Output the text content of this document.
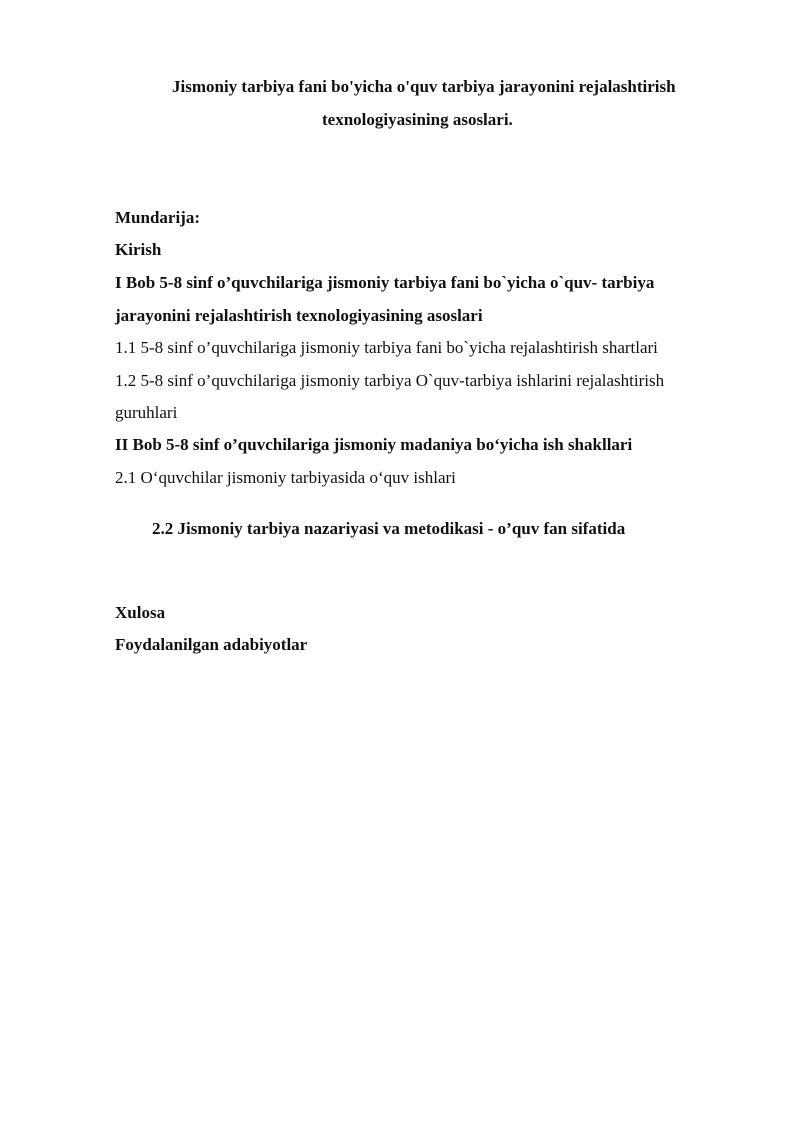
Jismoniy tarbiya fani bo'yicha o'quv tarbiya jarayonini rejalashtirish
texnologiyasining asoslari.
Mundarija:
Kirish
I Bob 5-8 sinf o’quvchilariga jismoniy tarbiya fani bo`yicha o`quv- tarbiya
jarayonini rejalashtirish texnologiyasining asoslari
1.1 5-8 sinf o’quvchilariga jismoniy tarbiya fani bo`yicha rejalashtirish shartlari
1.2 5-8 sinf o’quvchilariga jismoniy tarbiya O`quv-tarbiya ishlarini rejalashtirish
guruhlari
II Bob 5-8 sinf o’quvchilariga jismoniy madaniya bo‘yicha ish shakllari
2.1 O‘quvchilar jismoniy tarbiyasida o‘quv ishlari
2.2 Jismoniy tarbiya nazariyasi va metodikasi - o’quv fan sifatida
Xulosa
Foydalanilgan adabiyotlar
